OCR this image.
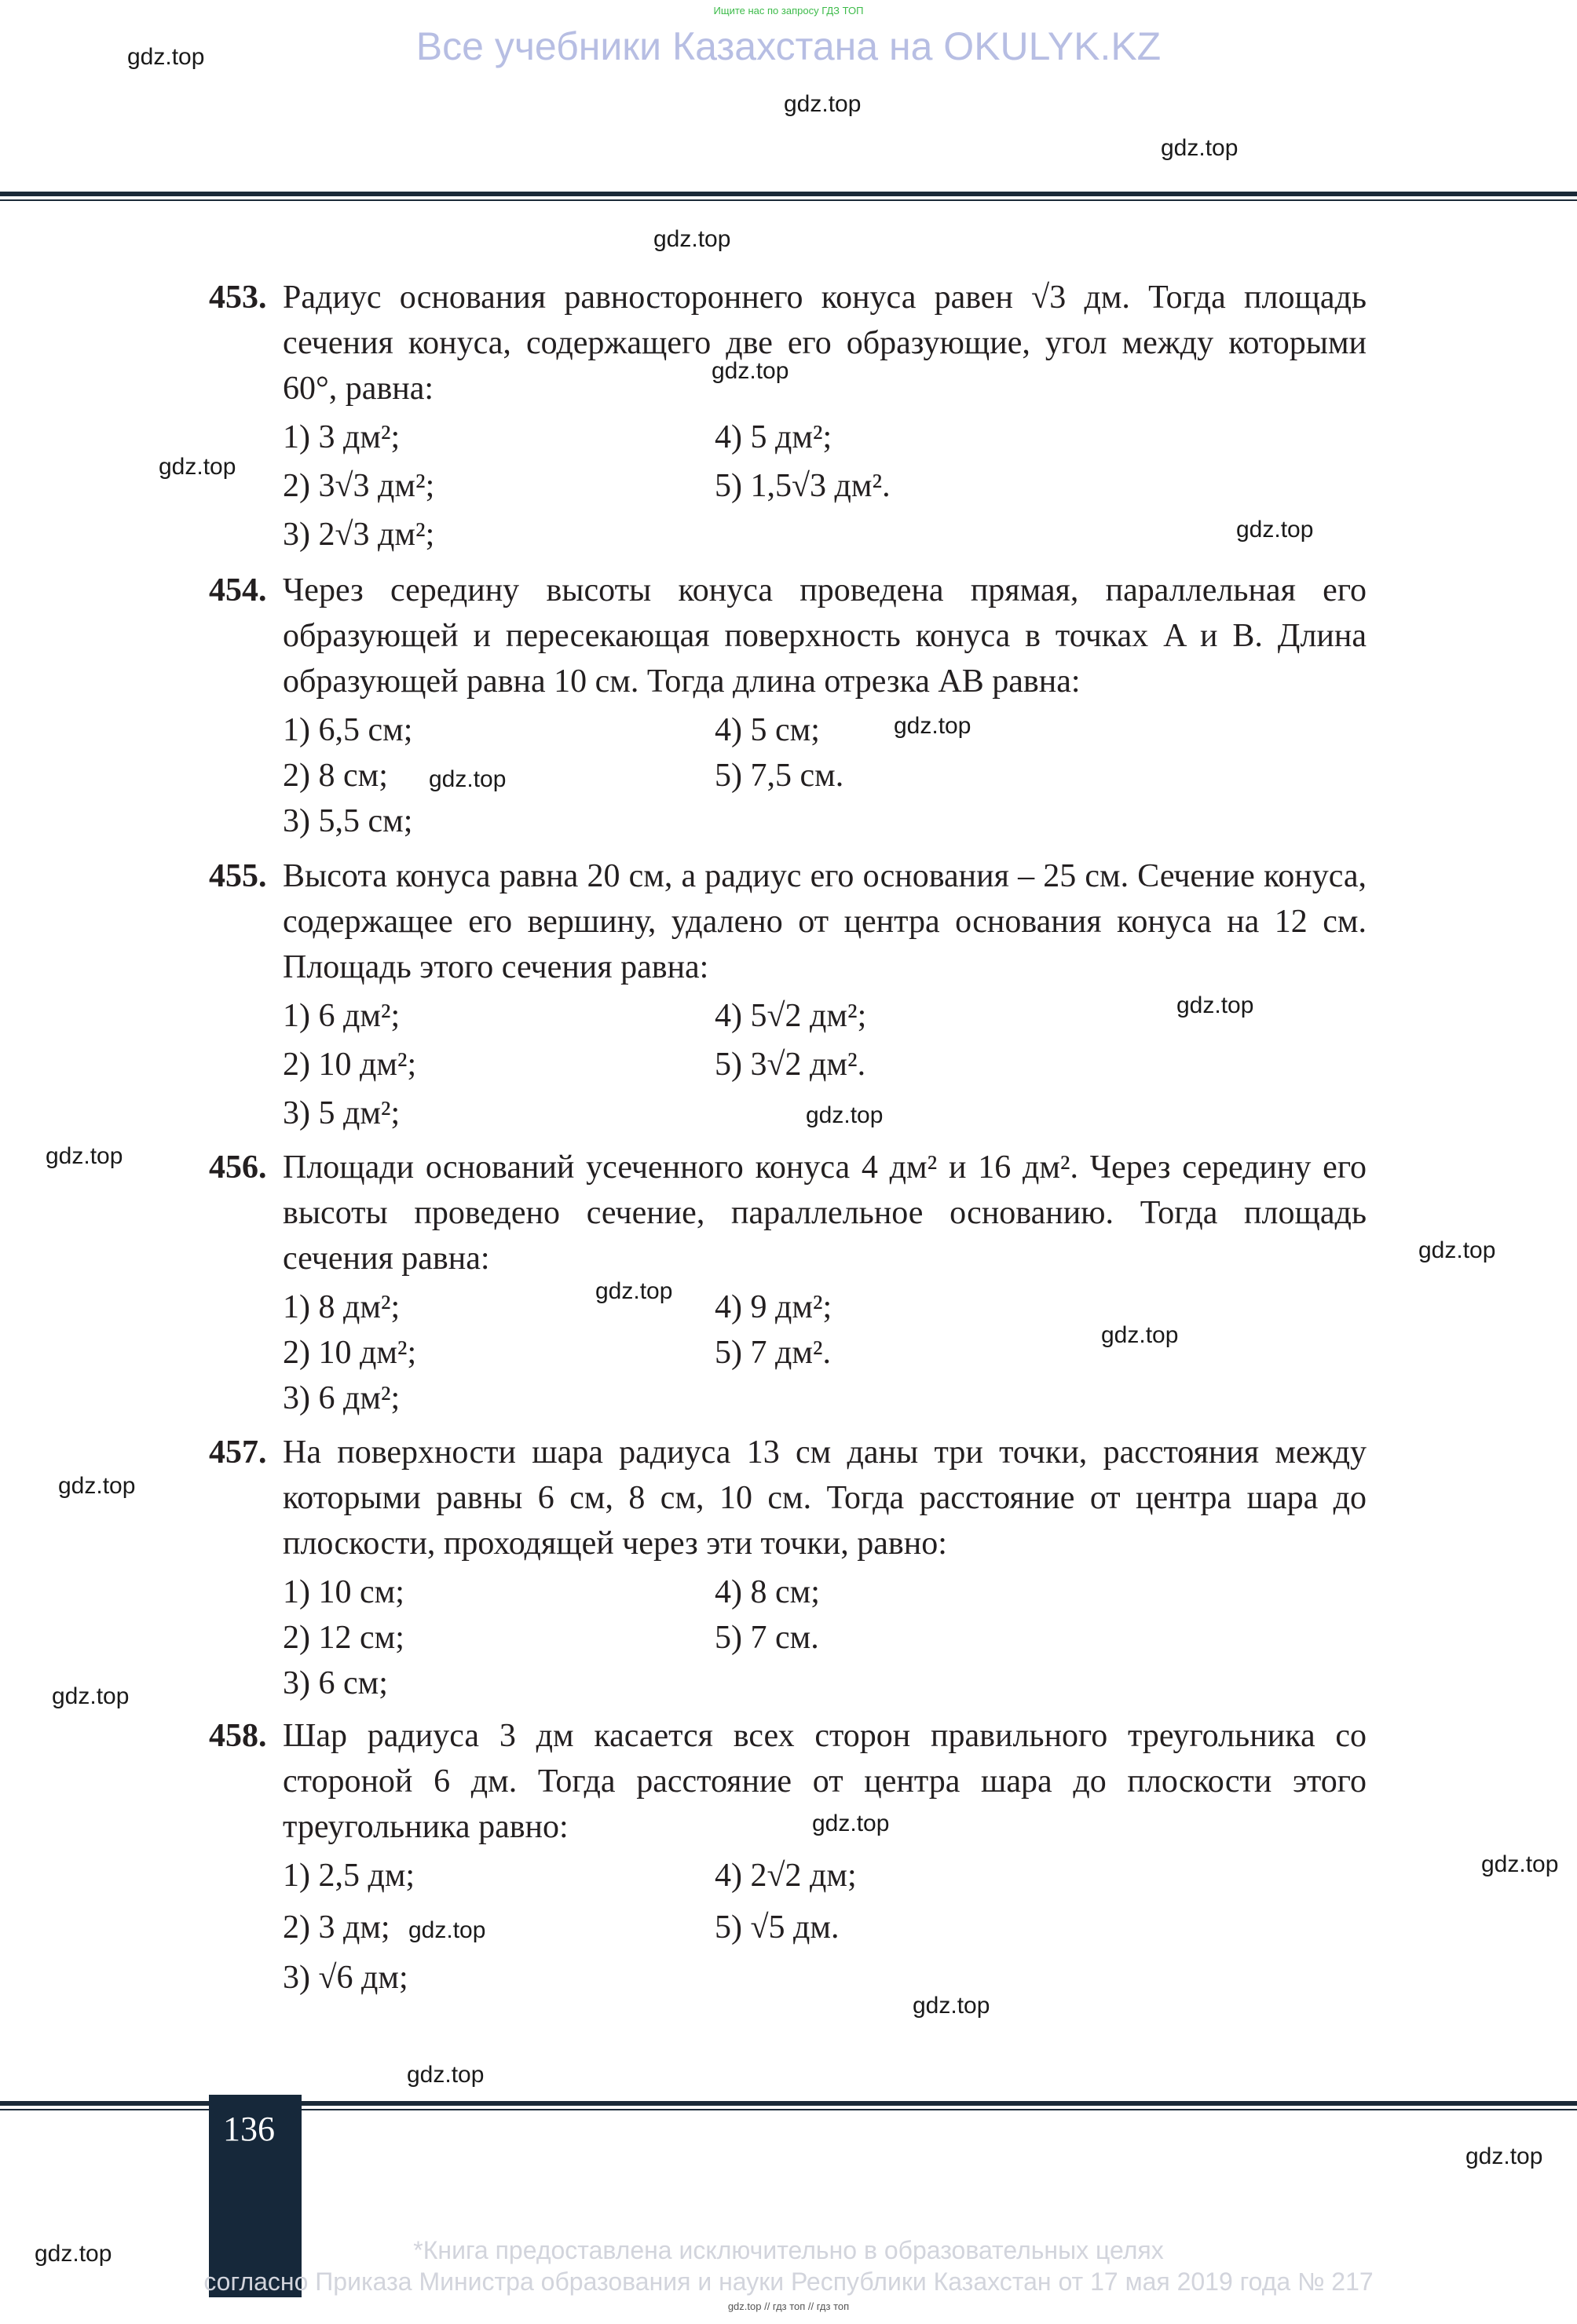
Ищите нас по запросу ГДЗ ТОП
Все учебники Казахстана на OKULYK.KZ
453. Радиус основания равностороннего конуса равен √3 дм. Тогда площадь сечения конуса, содержащего две его образующие, угол между которыми 60°, равна:
1) 3 дм²;	4) 5 дм²;
2) 3√3 дм²;	5) 1,5√3 дм².
3) 2√3 дм²;
454. Через середину высоты конуса проведена прямая, параллельная его образующей и пересекающая поверхность конуса в точках A и B. Длина образующей равна 10 см. Тогда длина отрезка AB равна:
1) 6,5 см;	4) 5 см;
2) 8 см;	5) 7,5 см.
3) 5,5 см;
455. Высота конуса равна 20 см, а радиус его основания – 25 см. Сечение конуса, содержащее его вершину, удалено от центра основания конуса на 12 см. Площадь этого сечения равна:
1) 6 дм²;	4) 5√2 дм²;
2) 10 дм²;	5) 3√2 дм².
3) 5 дм²;
456. Площади оснований усеченного конуса 4 дм² и 16 дм². Через середину его высоты проведено сечение, параллельное основанию. Тогда площадь сечения равна:
1) 8 дм²;	4) 9 дм²;
2) 10 дм²;	5) 7 дм².
3) 6 дм²;
457. На поверхности шара радиуса 13 см даны три точки, расстояния между которыми равны 6 см, 8 см, 10 см. Тогда расстояние от центра шара до плоскости, проходящей через эти точки, равно:
1) 10 см;	4) 8 см;
2) 12 см;	5) 7 см.
3) 6 см;
458. Шар радиуса 3 дм касается всех сторон правильного треугольника со стороной 6 дм. Тогда расстояние от центра шара до плоскости этого треугольника равно:
1) 2,5 дм;	4) 2√2 дм;
2) 3 дм;	5) √5 дм.
3) √6 дм;
136
gdz.top
gdz.top
gdz.top
gdz.top
gdz.top
gdz.top
gdz.top
gdz.top
gdz.top
gdz.top
gdz.top
gdz.top
gdz.top
gdz.top
gdz.top
gdz.top
gdz.top
gdz.top
gdz.top
gdz.top
gdz.top
gdz.top
gdz.top
gdz.top	*Книга предоставлена исключительно в образовательных целях
согласно Приказа Министра образования и науки Республики Казахстан от 17 мая 2019 года № 217
gdz.top // гдз топ // гдз топ
